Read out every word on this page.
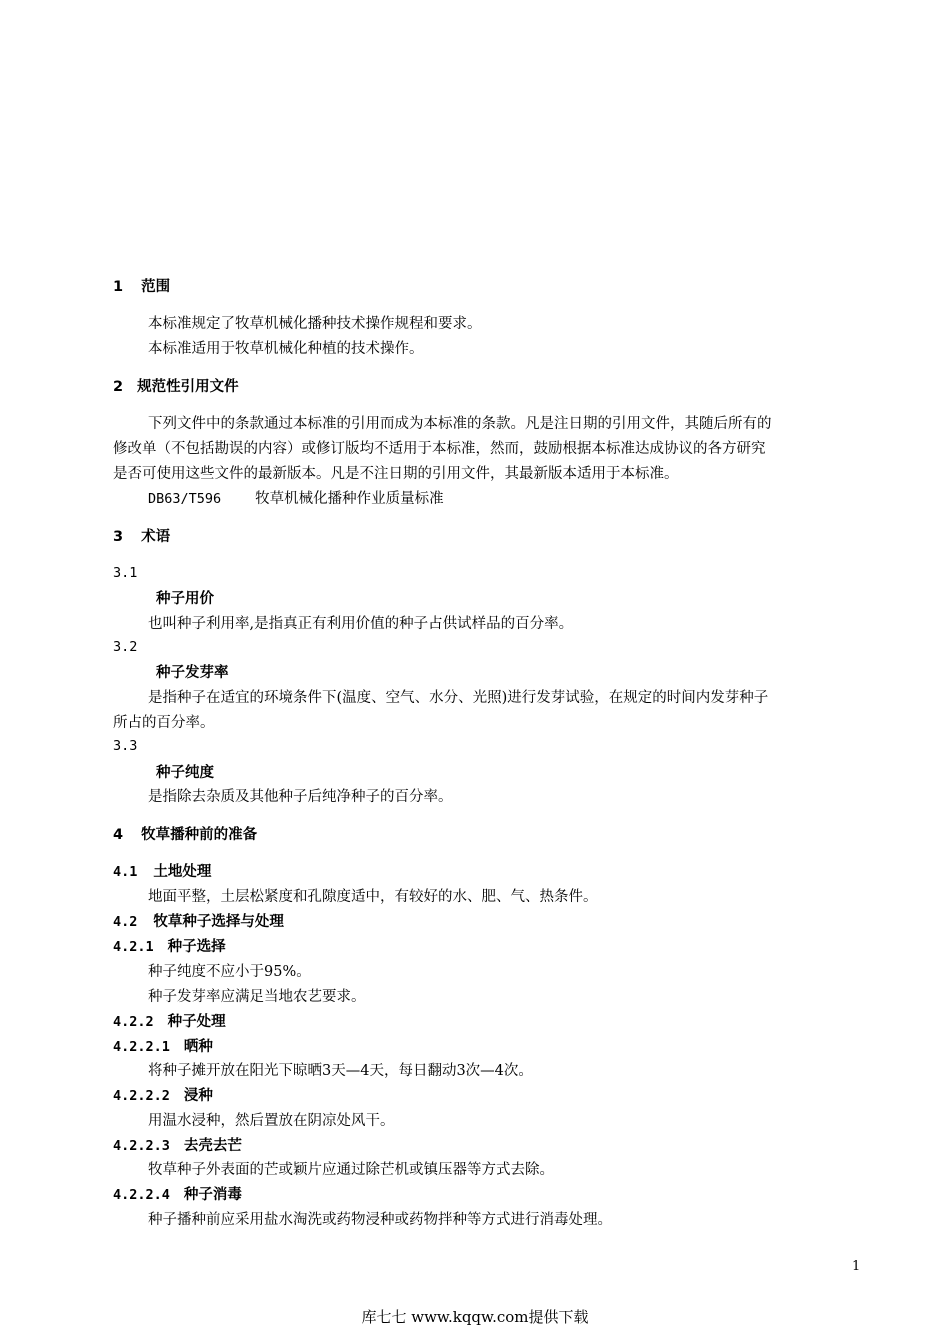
1 范围
本标准规定了牧草机械化播种技术操作规程和要求。
本标准适用于牧草机械化种植的技术操作。
2 规范性引用文件
下列文件中的条款通过本标准的引用而成为本标准的条款。凡是注日期的引用文件，其随后所有的
修改单（不包括勘误的内容）或修订版均不适用于本标准，然而，鼓励根据本标准达成协议的各方研究
是否可使用这些文件的最新版本。凡是不注日期的引用文件，其最新版本适用于本标准。
DB63/T596 牧草机械化播种作业质量标准
3 术语
3.1
种子用价
也叫种子利用率,是指真正有利用价值的种子占供试样品的百分率。
3.2
种子发芽率
是指种子在适宜的环境条件下(温度、空气、水分、光照)进行发芽试验，在规定的时间内发芽种子
所占的百分率。
3.3
种子纯度
是指除去杂质及其他种子后纯净种子的百分率。
4 牧草播种前的准备
4.1 土地处理
地面平整，土层松紧度和孔隙度适中，有较好的水、肥、气、热条件。
4.2 牧草种子选择与处理
4.2.1 种子选择
种子纯度不应小于95%。
种子发芽率应满足当地农艺要求。
4.2.2 种子处理
4.2.2.1 晒种
将种子摊开放在阳光下晾晒3天—4天，每日翻动3次—4次。
4.2.2.2 浸种
用温水浸种，然后置放在阴凉处风干。
4.2.2.3 去壳去芒
牧草种子外表面的芒或颖片应通过除芒机或镇压器等方式去除。
4.2.2.4 种子消毒
种子播种前应采用盐水淘洗或药物浸种或药物拌种等方式进行消毒处理。
1
库七七 www.kqqw.com提供下载
